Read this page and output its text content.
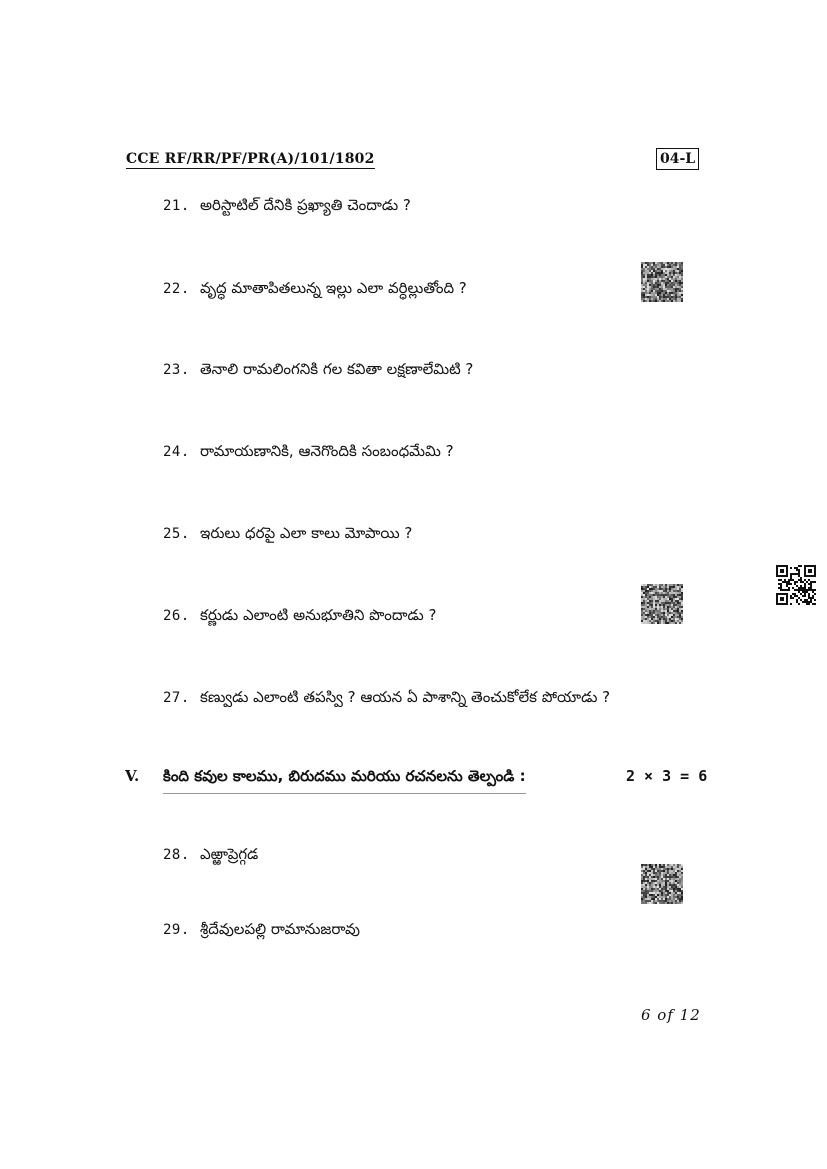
CCE RF/RR/PF/PR(A)/101/1802	04-L
21. అరిస్టాటిల్ దేనికి ప్రఖ్యాతి చెందాడు ?
22. వృద్ధ మాతాపితలున్న ఇల్లు ఎలా వర్ధిల్లుతోంది ?
23. తెనాలి రామలింగనికి గల కవితా లక్షణాలేమిటి ?
24. రామాయణానికి, ఆనెగొందికి సంబంధమేమి ?
25. ఇరులు ధరపై ఎలా కాలు మోపాయి ?
26. కర్ణుడు ఎలాంటి అనుభూతిని పొందాడు ?
27. కణ్వుడు ఎలాంటి తపస్వి ? ఆయన ఏ పాశాన్ని తెంచుకోలేక పోయాడు ?
V. కింది కవుల కాలము, బిరుదము మరియు రచనలను తెల్పండి :	2 × 3 = 6
28. ఎఱ్ఱాప్రెగ్గడ
29. శ్రీదేవులపల్లి రామానుజరావు
6 of 12
